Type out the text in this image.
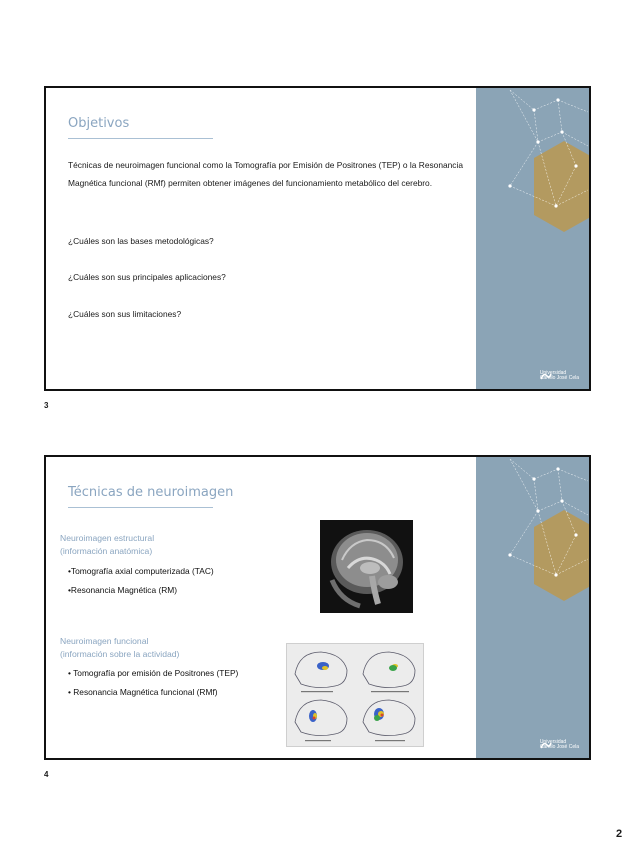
Objetivos

Técnicas de neuroimagen funcional como la Tomografía por Emisión de Positrones (TEP) o la Resonancia Magnética funcional (RMf) permiten obtener imágenes del funcionamiento metabólico del cerebro.

¿Cuáles son las bases metodológicas?

¿Cuáles son sus principales aplicaciones?

¿Cuáles son sus limitaciones?

Universidad
Camilo José Cela
3
Técnicas de neuroimagen
Neuroimagen estructural
(información anatómica)
•Tomografía axial computerizada (TAC)
•Resonancia Magnética (RM)
Neuroimagen funcional
(información sobre la actividad)
• Tomografía por emisión de Positrones (TEP)
• Resonancia Magnética funcional (RMf)
Universidad
Camilo José Cela
4
2
